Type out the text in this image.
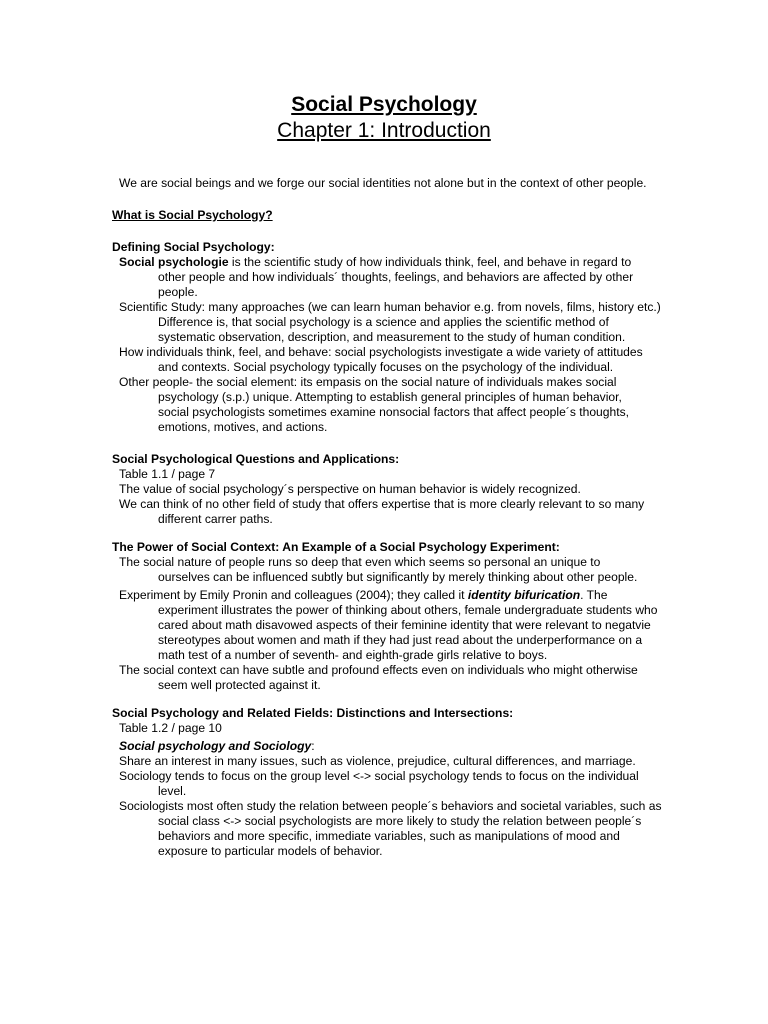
Social Psychology
Chapter 1: Introduction

We are social beings and we forge our social identities not alone but in the context of other people.

What is Social Psychology?

Defining Social Psychology:

Social psychologie is the scientific study of how individuals think, feel, and behave in regard to other people and how individuals´ thoughts, feelings, and behaviors are affected by other people.

Scientific Study: many approaches (we can learn human behavior e.g. from novels, films, history etc.) Difference is, that social psychology is a science and applies the scientific method of systematic observation, description, and measurement to the study of human condition.

How individuals think, feel, and behave: social psychologists investigate a wide variety of attitudes and contexts. Social psychology typically focuses on the psychology of the individual.

Other people- the social element: its empasis on the social nature of individuals makes social psychology (s.p.) unique. Attempting to establish general principles of human behavior, social psychologists sometimes examine nonsocial factors that affect people´s thoughts, emotions, motives, and actions.

Social Psychological Questions and Applications:

Table 1.1 / page 7

The value of social psychology´s perspective on human behavior is widely recognized.

We can think of no other field of study that offers expertise that is more clearly relevant to so many different carrer paths.

The Power of Social Context: An Example of a Social Psychology Experiment:

The social nature of people runs so deep that even which seems so personal an unique to ourselves can be influenced subtly but significantly by merely thinking about other people.

Experiment by Emily Pronin and colleagues (2004); they called it identity bifurication. The experiment illustrates the power of thinking about others, female undergraduate students who cared about math disavowed aspects of their feminine identity that were relevant to negatvie stereotypes about women and math if they had just read about the underperformance on a math test of a number of seventh- and eighth-grade girls relative to boys.

The social context can have subtle and profound effects even on individuals who might otherwise seem well protected against it.

Social Psychology and Related Fields: Distinctions and Intersections:

Table 1.2 / page 10

Social psychology and Sociology:

Share an interest in many issues, such as violence, prejudice, cultural differences, and marriage.

Sociology tends to focus on the group level <-> social psychology tends to focus on the individual level.

Sociologists most often study the relation between people´s behaviors and societal variables, such as social class <-> social psychologists are more likely to study the relation between people´s behaviors and more specific, immediate variables, such as manipulations of mood and exposure to particular models of behavior.
